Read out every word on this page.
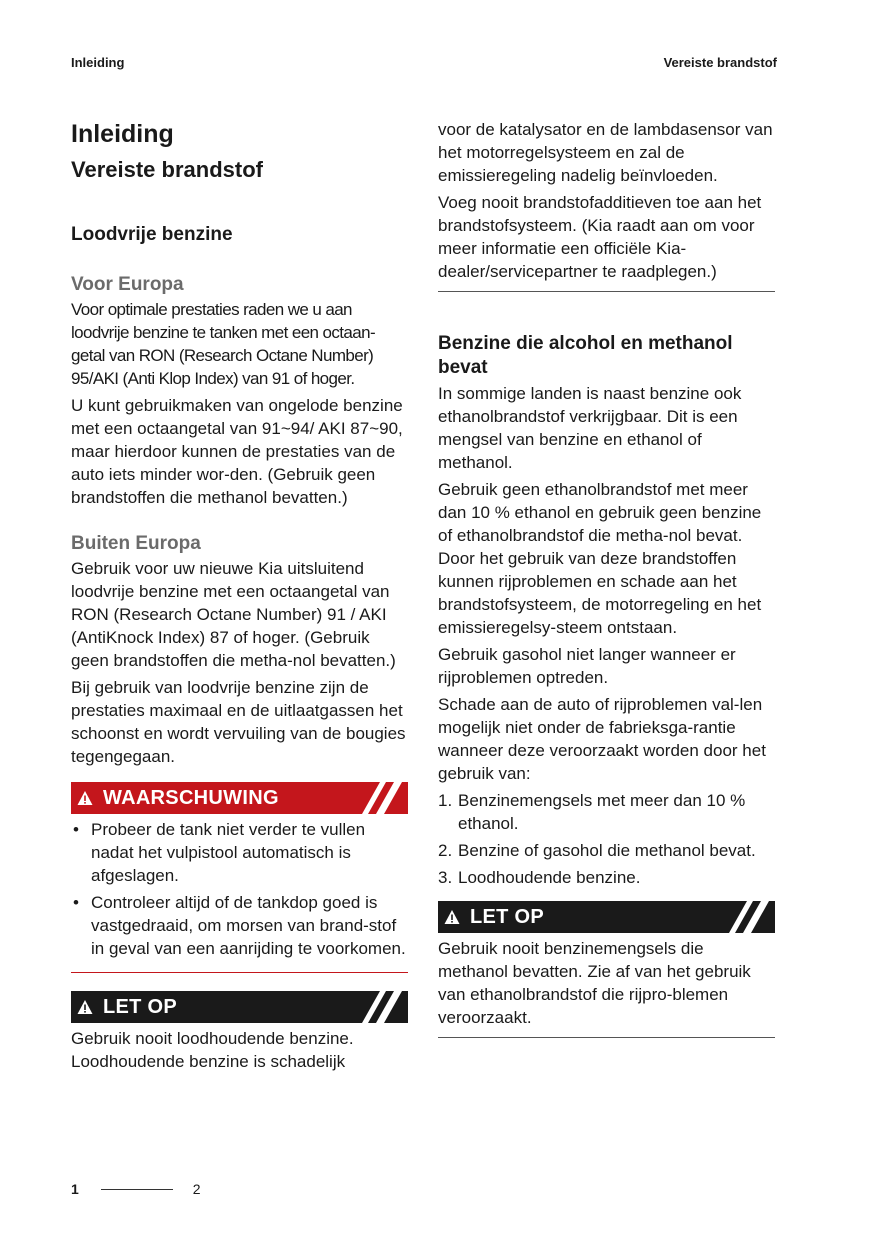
Inleiding	Vereiste brandstof
Inleiding
Vereiste brandstof
Loodvrije benzine
Voor Europa

Voor optimale prestaties raden we u aan loodvrije benzine te tanken met een octaan-getal van RON (Research Octane Number) 95/AKI (Anti Klop Index) van 91 of hoger.

U kunt gebruikmaken van ongelode benzine met een octaangetal van 91~94/ AKI 87~90, maar hierdoor kunnen de prestaties van de auto iets minder wor-den. (Gebruik geen brandstoffen die methanol bevatten.)

Buiten Europa

Gebruik voor uw nieuwe Kia uitsluitend loodvrije benzine met een octaangetal van RON (Research Octane Number) 91 / AKI (AntiKnock Index) 87 of hoger. (Gebruik geen brandstoffen die metha-nol bevatten.)

Bij gebruik van loodvrije benzine zijn de prestaties maximaal en de uitlaatgassen het schoonst en wordt vervuiling van de bougies tegengegaan.

WAARSCHUWING
• Probeer de tank niet verder te vullen nadat het vulpistool automatisch is afgeslagen.
• Controleer altijd of de tankdop goed is vastgedraaid, om morsen van brand-stof in geval van een aanrijding te voorkomen.
LET OP

Gebruik nooit loodhoudende benzine. Loodhoudende benzine is schadelijk

voor de katalysator en de lambdasensor van het motorregelsysteem en zal de emissieregeling nadelig beïnvloeden.

Voeg nooit brandstofadditieven toe aan het brandstofsysteem. (Kia raadt aan om voor meer informatie een officiële Kia-dealer/servicepartner te raadplegen.)

Benzine die alcohol en methanol bevat

In sommige landen is naast benzine ook ethanolbrandstof verkrijgbaar. Dit is een mengsel van benzine en ethanol of methanol.

Gebruik geen ethanolbrandstof met meer dan 10 % ethanol en gebruik geen benzine of ethanolbrandstof die metha-nol bevat. Door het gebruik van deze brandstoffen kunnen rijproblemen en schade aan het brandstofsysteem, de motorregeling en het emissieregelsy-steem ontstaan.

Gebruik gasohol niet langer wanneer er rijproblemen optreden.

Schade aan de auto of rijproblemen val-len mogelijk niet onder de fabrieksga-rantie wanneer deze veroorzaakt worden door het gebruik van:

1. Benzinemengsels met meer dan 10 % ethanol.
2. Benzine of gasohol die methanol bevat.
3. Loodhoudende benzine.
LET OP

Gebruik nooit benzinemengsels die methanol bevatten. Zie af van het gebruik van ethanolbrandstof die rijpro-blemen veroorzaakt.

1	2
